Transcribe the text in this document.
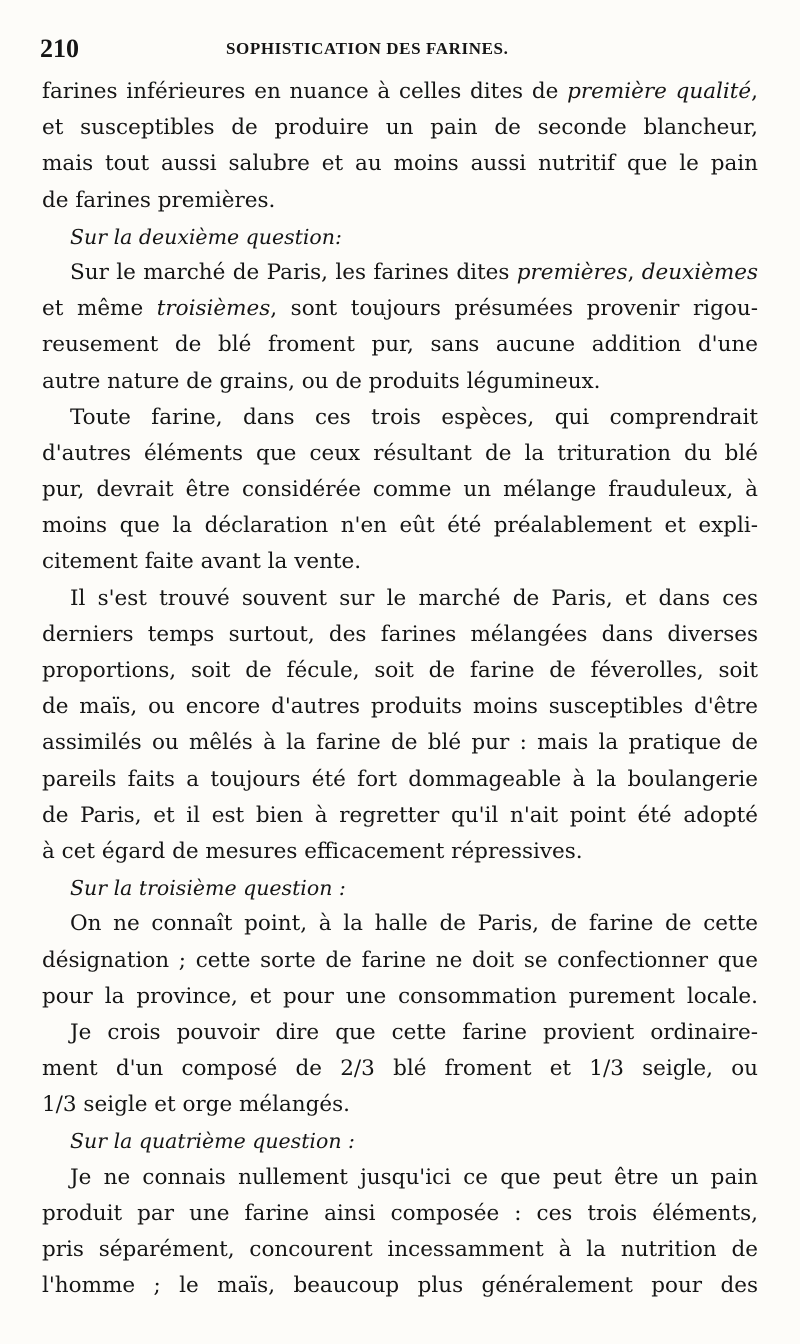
210	SOPHISTICATION DES FARINES.
farines inférieures en nuance à celles dites de première qualité,
et susceptibles de produire un pain de seconde blancheur,
mais tout aussi salubre et au moins aussi nutritif que le pain
de farines premières.
Sur la deuxième question:
Sur le marché de Paris, les farines dites premières, deuxièmes
et même troisièmes, sont toujours présumées provenir rigou-
reusement de blé froment pur, sans aucune addition d'une
autre nature de grains, ou de produits légumineux.
Toute farine, dans ces trois espèces, qui comprendrait
d'autres éléments que ceux résultant de la trituration du blé
pur, devrait être considérée comme un mélange frauduleux, à
moins que la déclaration n'en eût été préalablement et expli-
citement faite avant la vente.
Il s'est trouvé souvent sur le marché de Paris, et dans ces
derniers temps surtout, des farines mélangées dans diverses
proportions, soit de fécule, soit de farine de féverolles, soit
de maïs, ou encore d'autres produits moins susceptibles d'être
assimilés ou mêlés à la farine de blé pur : mais la pratique de
pareils faits a toujours été fort dommageable à la boulangerie
de Paris, et il est bien à regretter qu'il n'ait point été adopté
à cet égard de mesures efficacement répressives.
Sur la troisième question :
On ne connaît point, à la halle de Paris, de farine de cette
désignation ; cette sorte de farine ne doit se confectionner que
pour la province, et pour une consommation purement locale.
Je crois pouvoir dire que cette farine provient ordinaire-
ment d'un composé de 2/3 blé froment et 1/3 seigle, ou
1/3 seigle et orge mélangés.
Sur la quatrième question :
Je ne connais nullement jusqu'ici ce que peut être un pain
produit par une farine ainsi composée : ces trois éléments,
pris séparément, concourent incessamment à la nutrition de
l'homme ; le maïs, beaucoup plus généralement pour des
